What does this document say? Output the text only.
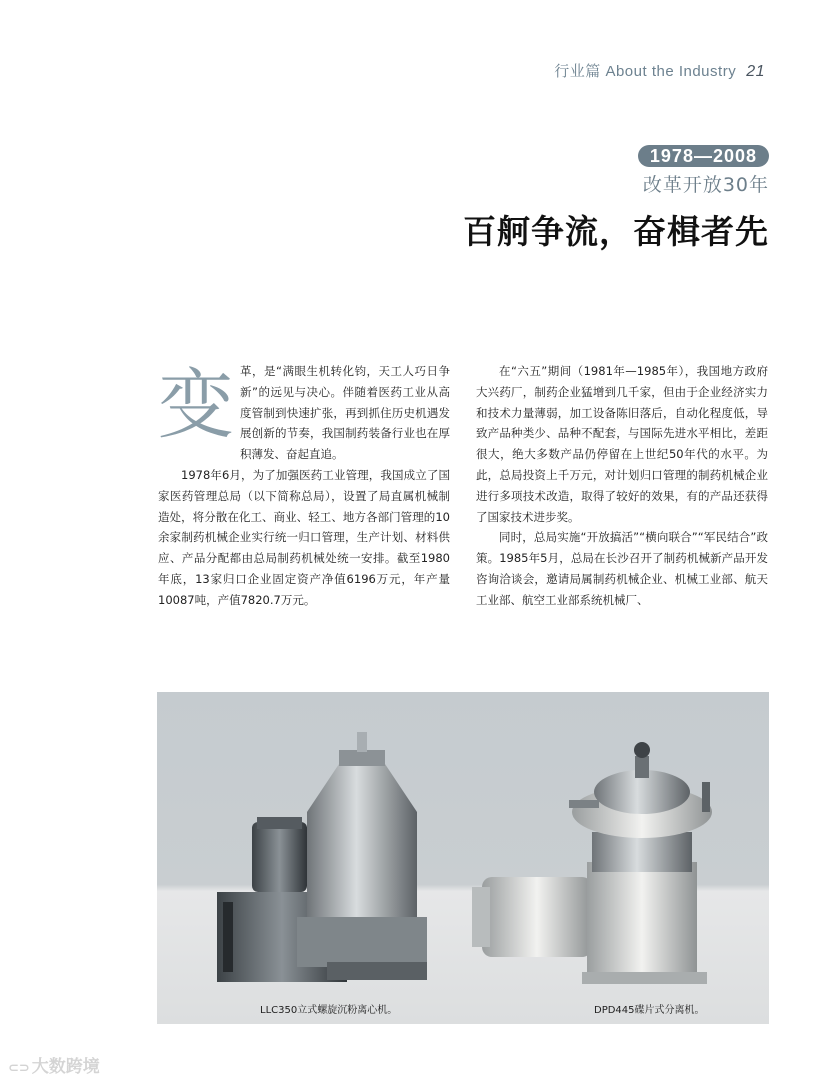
行业篇 About the Industry 21
1978—2008
改革开放30年
百舸争流，奋楫者先
变 革，是“满眼生机转化钧，天工人巧日争新”的远见与决心。伴随着医药工业从高度管制到快速扩张，再到抓住历史机遇发展创新的节奏，我国制药装备行业也在厚积薄发、奋起直追。

1978年6月，为了加强医药工业管理，我国成立了国家医药管理总局（以下简称总局），设置了局直属机械制造处，将分散在化工、商业、轻工、地方各部门管理的10余家制药机械企业实行统一归口管理，生产计划、材料供应、产品分配都由总局制药机械处统一安排。截至1980年底，13家归口企业固定资产净值6196万元，年产量10087吨，产值7820.7万元。

在“六五”期间（1981年—1985年），我国地方政府大兴药厂，制药企业猛增到几千家，但由于企业经济实力和技术力量薄弱，加工设备陈旧落后，自动化程度低，导致产品种类少、品种不配套，与国际先进水平相比，差距很大，绝大多数产品仍停留在上世纪50年代的水平。为此，总局投资上千万元，对计划归口管理的制药机械企业进行多项技术改造，取得了较好的效果，有的产品还获得了国家技术进步奖。

同时，总局实施“开放搞活”“横向联合”“军民结合”政策。1985年5月，总局在长沙召开了制药机械新产品开发咨询洽谈会，邀请局属制药机械企业、机械工业部、航天工业部、航空工业部系统机械厂、

LLC350立式螺旋沉粉离心机。	DPD445碟片式分离机。
⊂⊃ 大数跨境
